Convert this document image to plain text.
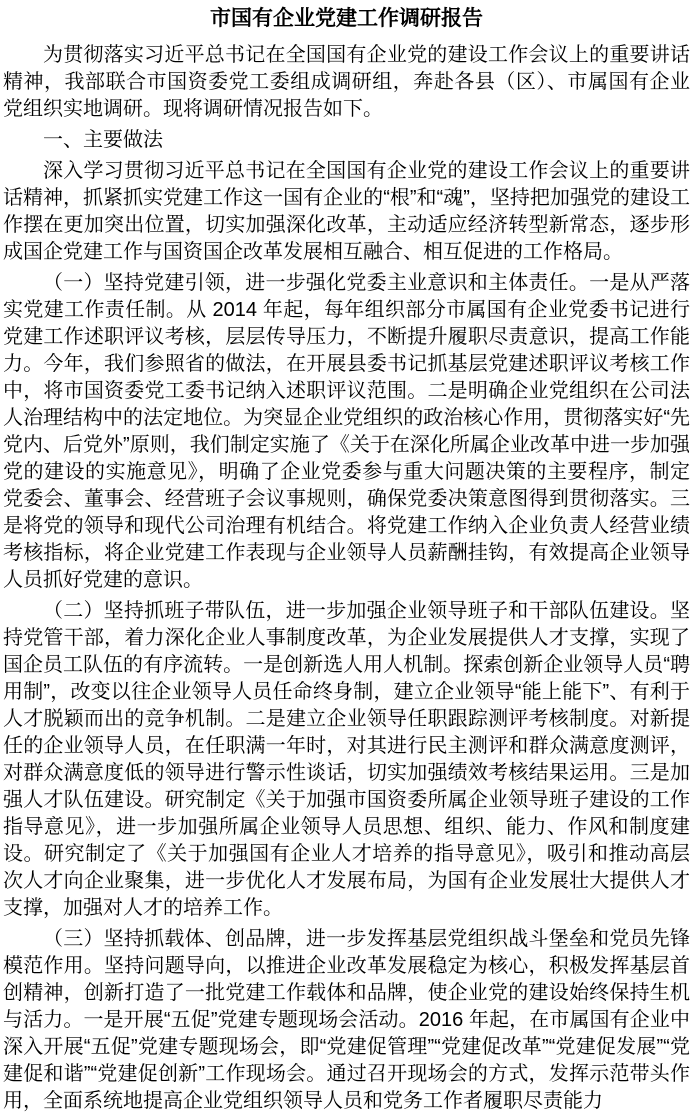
市国有企业党建工作调研报告

为贯彻落实习近平总书记在全国国有企业党的建设工作会议上的重要讲话精神，我部联合市国资委党工委组成调研组，奔赴各县（区）、市属国有企业党组织实地调研。现将调研情况报告如下。

一、主要做法

深入学习贯彻习近平总书记在全国国有企业党的建设工作会议上的重要讲话精神，抓紧抓实党建工作这一国有企业的“根”和“魂”，坚持把加强党的建设工作摆在更加突出位置，切实加强深化改革，主动适应经济转型新常态，逐步形成国企党建工作与国资国企改革发展相互融合、相互促进的工作格局。

（一）坚持党建引领，进一步强化党委主业意识和主体责任。一是从严落实党建工作责任制。从 2014 年起，每年组织部分市属国有企业党委书记进行党建工作述职评议考核，层层传导压力，不断提升履职尽责意识，提高工作能力。今年，我们参照省的做法，在开展县委书记抓基层党建述职评议考核工作中，将市国资委党工委书记纳入述职评议范围。二是明确企业党组织在公司法人治理结构中的法定地位。为突显企业党组织的政治核心作用，贯彻落实好“先党内、后党外”原则，我们制定实施了《关于在深化所属企业改革中进一步加强党的建设的实施意见》，明确了企业党委参与重大问题决策的主要程序，制定党委会、董事会、经营班子会议事规则，确保党委决策意图得到贯彻落实。三是将党的领导和现代公司治理有机结合。将党建工作纳入企业负责人经营业绩考核指标，将企业党建工作表现与企业领导人员薪酬挂钩，有效提高企业领导人员抓好党建的意识。

（二）坚持抓班子带队伍，进一步加强企业领导班子和干部队伍建设。坚持党管干部，着力深化企业人事制度改革，为企业发展提供人才支撑，实现了国企员工队伍的有序流转。一是创新选人用人机制。探索创新企业领导人员“聘用制”，改变以往企业领导人员任命终身制，建立企业领导“能上能下”、有利于人才脱颖而出的竞争机制。二是建立企业领导任职跟踪测评考核制度。对新提任的企业领导人员，在任职满一年时，对其进行民主测评和群众满意度测评，对群众满意度低的领导进行警示性谈话，切实加强绩效考核结果运用。三是加强人才队伍建设。研究制定《关于加强市国资委所属企业领导班子建设的工作指导意见》，进一步加强所属企业领导人员思想、组织、能力、作风和制度建设。研究制定了《关于加强国有企业人才培养的指导意见》，吸引和推动高层次人才向企业聚集，进一步优化人才发展布局，为国有企业发展壮大提供人才支撑，加强对人才的培养工作。

（三）坚持抓载体、创品牌，进一步发挥基层党组织战斗堡垒和党员先锋模范作用。坚持问题导向，以推进企业改革发展稳定为核心，积极发挥基层首创精神，创新打造了一批党建工作载体和品牌，使企业党的建设始终保持生机与活力。一是开展“五促”党建专题现场会活动。2016 年起，在市属国有企业中深入开展“五促”党建专题现场会，即“党建促管理”“党建促改革”“党建促发展”“党建促和谐”“党建促创新”工作现场会。通过召开现场会的方式，发挥示范带头作用，全面系统地提高企业党组织领导人员和党务工作者履职尽责能力
